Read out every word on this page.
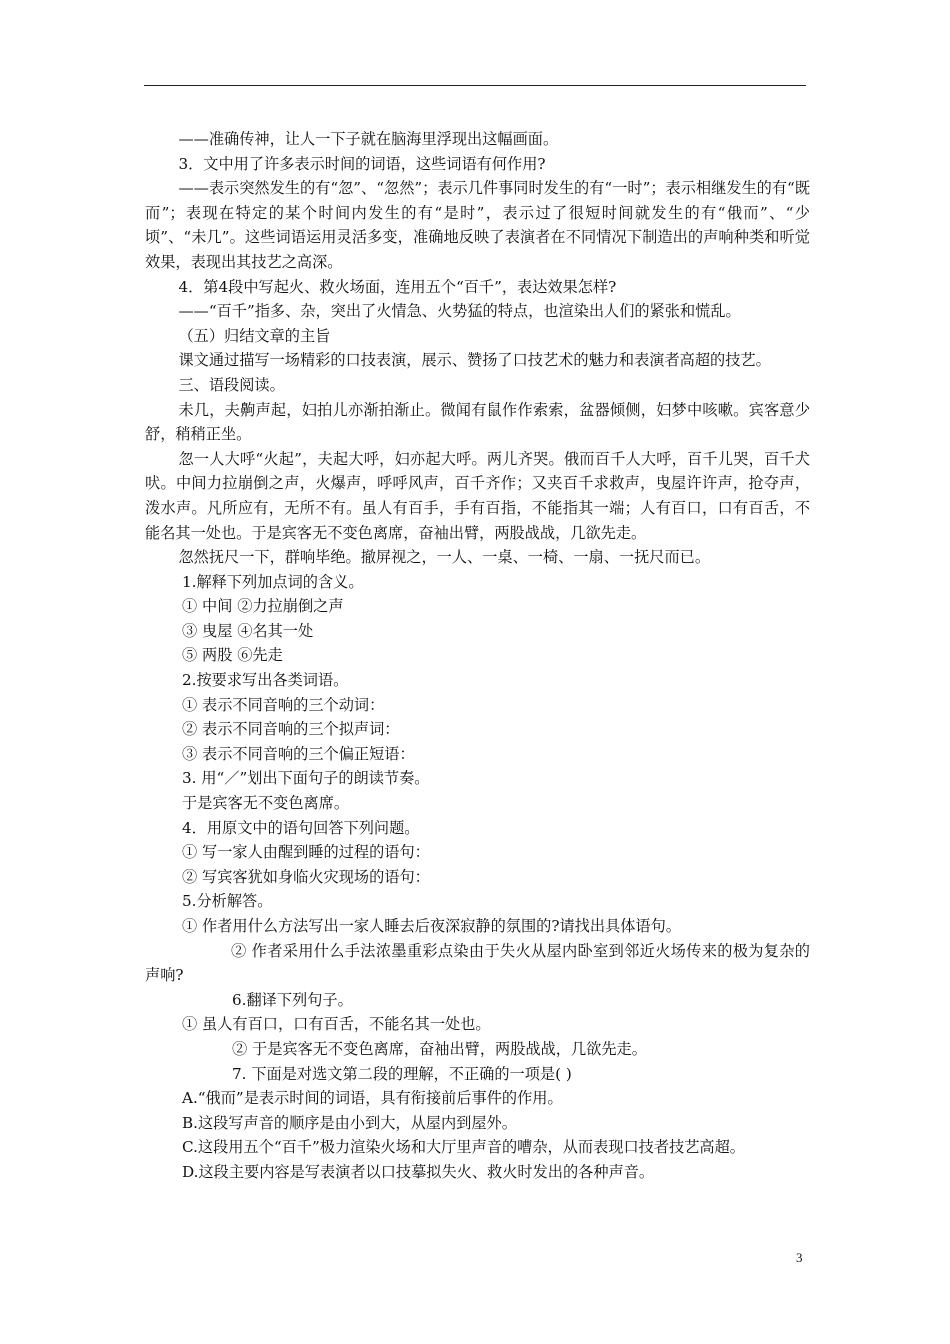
——准确传神，让人一下子就在脑海里浮现出这幅画面。

3．文中用了许多表示时间的词语，这些词语有何作用?

——表示突然发生的有“忽”、“忽然”；表示几件事同时发生的有“一时”；表示相继发生的有“既而”；表现在特定的某个时间内发生的有“是时”，表示过了很短时间就发生的有“俄而”、“少顷”、“未几”。这些词语运用灵活多变，准确地反映了表演者在不同情况下制造出的声响种类和听觉效果，表现出其技艺之高深。

4．第4段中写起火、救火场面，连用五个“百千”，表达效果怎样?

——“百千”指多、杂，突出了火情急、火势猛的特点，也渲染出人们的紧张和慌乱。

（五）归结文章的主旨

课文通过描写一场精彩的口技表演，展示、赞扬了口技艺术的魅力和表演者高超的技艺。

三、语段阅读。

未几，夫齁声起，妇拍儿亦渐拍渐止。微闻有鼠作作索索，盆器倾侧，妇梦中咳嗽。宾客意少舒，稍稍正坐。

忽一人大呼“火起”，夫起大呼，妇亦起大呼。两儿齐哭。俄而百千人大呼，百千儿哭，百千犬吠。中间力拉崩倒之声，火爆声，呼呼风声，百千齐作；又夹百千求救声，曳屋许许声，抢夺声，泼水声。凡所应有，无所不有。虽人有百手，手有百指，不能指其一端；人有百口，口有百舌，不能名其一处也。于是宾客无不变色离席，奋袖出臂，两股战战，几欲先走。

忽然抚尺一下，群响毕绝。撤屏视之，一人、一桌、一椅、一扇、一抚尺而已。

1.解释下列加点词的含义。

① 中间 ②力拉崩倒之声

③ 曳屋 ④名其一处

⑤ 两股 ⑥先走

2.按要求写出各类词语。

① 表示不同音响的三个动词：

② 表示不同音响的三个拟声词：

③ 表示不同音响的三个偏正短语：

3. 用“／”划出下面句子的朗读节奏。

于是宾客无不变色离席。

4．用原文中的语句回答下列问题。

① 写一家人由醒到睡的过程的语句：

② 写宾客犹如身临火灾现场的语句：

5.分析解答。

① 作者用什么方法写出一家人睡去后夜深寂静的氛围的?请找出具体语句。

② 作者采用什么手法浓墨重彩点染由于失火从屋内卧室到邻近火场传来的极为复杂的声响?

6.翻译下列句子。

① 虽人有百口，口有百舌，不能名其一处也。

② 于是宾客无不变色离席，奋袖出臂，两股战战，几欲先走。

7. 下面是对选文第二段的理解，不正确的一项是( )

A.“俄而”是表示时间的词语，具有衔接前后事件的作用。

B.这段写声音的顺序是由小到大，从屋内到屋外。

C.这段用五个“百千”极力渲染火场和大厅里声音的嘈杂，从而表现口技者技艺高超。

D.这段主要内容是写表演者以口技摹拟失火、救火时发出的各种声音。

3
